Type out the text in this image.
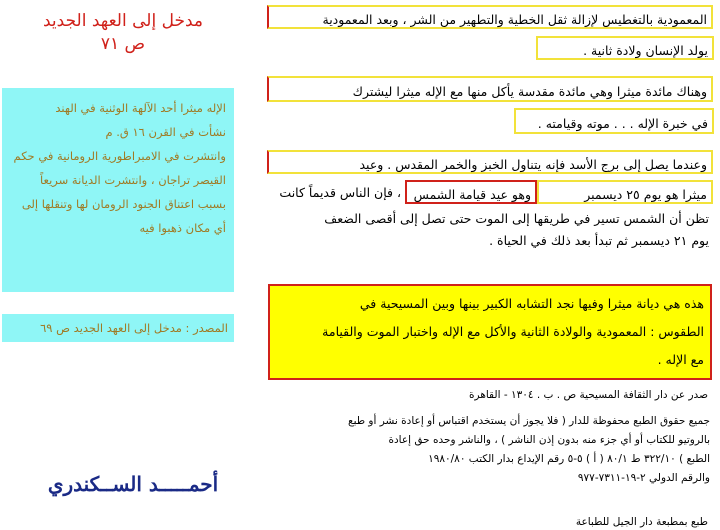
مدخل إلى العهد الجديد
ص ٧١
الإله ميثرا أحد الآلهة الوثنية في الهند
نشأت في القرن ١٦ ق. م
وانتشرت في الامبراطورية الرومانية في حكم
القيصر تراجان ، وانتشرت الديانة سريعاً
بسبب اعتناق الجنود الرومان لها وتنقلها إلى
أي مكان ذهبوا فيه
المصدر : مدخل إلى العهد الجديد ص ٦٩
أحمـــــد الســكندري
المعمودية بالتغطيس لإزالة ثقل الخطية والتطهير من الشر ، وبعد المعمودية
يولد الإنسان ولادة ثانية .
وهناك مائدة ميثرا وهي مائدة مقدسة يأكل منها مع الإله ميثرا ليشترك
في خبرة الإله . . . موته وقيامته .
وعندما يصل إلى برج الأسد فإنه يتناول الخبز والخمر المقدس . وعيد
ميثرا هو يوم ٢٥ ديسمبر
وهو عيد قيامة الشمس
، فإن الناس قديماً كانت
تظن أن الشمس تسير في طريقها إلى الموت حتى تصل إلى أقصى الضعف
يوم ٢١ ديسمبر ثم تبدأ بعد ذلك في الحياة .
هذه هي ديانة ميثرا وفيها نجد التشابه الكبير بينها وبين المسيحية في
الطقوس : المعمودية والولادة الثانية والأكل مع الإله واختبار الموت والقيامة
مع الإله .
صدر عن دار الثقافة المسيحية ص . ب . ١٣٠٤ - القاهرة
جميع حقوق الطبع محفوظة للدار ( فلا يجوز أن يستخدم اقتباس أو إعادة نشر أو طبع
بالروتيو للكتاب أو أي جزء منه بدون إذن الناشر ) ، والناشر وحده حق إعادة
الطبع ) ٣٢٢/١٠ ط ٨٠/١ ( أ ) ٥-٥ رقم الإيداع بدار الكتب ١٩٨٠/٨٠
والرقم الدولي ٢-١٩-٧٣١١-٩٧٧
طبع بمطبعة دار الجيل للطباعة
